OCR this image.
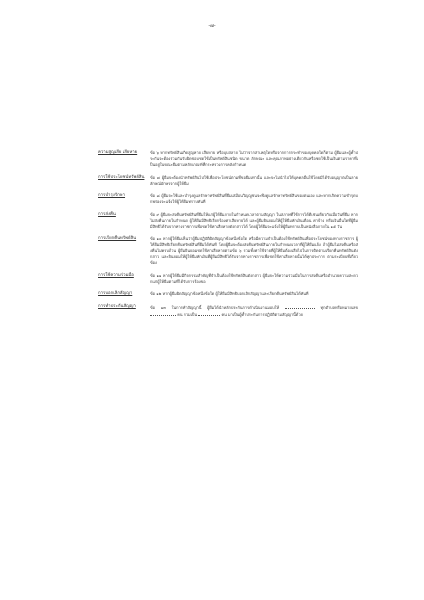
-๗-
ความสูญเสีย เสียหาย	ข้อ ๖ หากทรัพย์สินเกิดสูญหาย เสียหาย หรือบุบสลาย ไม่ว่าจากสาเหตุใดหรือจากการกระทำของบุคคลใดก็ตาม ผู้ยืมและผู้ค้ำประกันจะต้องร่วมกันรับผิดชอบชดใช้เป็นทรัพย์สินชนิด ขนาด ลักษณะ และคุณภาพอย่างเดียวกันหรือชดใช้เป็นเงินตามราคาที่เป็นอยู่ในขณะยืมตามหลักเกณฑ์ที่กระทรวงการคลังกำหนด
การใช้ประโยชน์ทรัพย์สิน	ข้อ ๗ ผู้ยืมจะต้องนำทรัพย์สินไปใช้เพื่อประโยชน์ตามที่ขอยืมเท่านั้น และจะไม่นำไปให้บุคคลอื่นใช้โดยมิได้รับอนุญาตเป็นลายลักษณ์อักษรจากผู้ให้ยืม
การบำรุงรักษา	ข้อ ๘ ผู้ยืมจะใช้และบำรุงดูแลรักษาทรัพย์สินที่ยืมเสมือนวิญญูชนจะพึงดูแลรักษาทรัพย์สินของตนเอง และหากเกิดความชำรุดบกพร่องจะแจ้งให้ผู้ให้ยืมทราบทันที
การส่งคืน	ข้อ ๙ ผู้ยืมจะส่งคืนทรัพย์สินที่ยืมให้แก่ผู้ให้ยืมภายในกำหนดเวลาตามสัญญา ในสภาพที่ใช้การได้ดีเช่นเดียวกับเมื่อวันที่ยืม หากไม่ส่งคืนภายในกำหนด ผู้ให้ยืมมีสิทธิเรียกร้องค่าเสียหายได้ และผู้ยืมยินยอมให้ผู้ให้ยืมหักเงินเดือน ค่าจ้าง หรือเงินอื่นใดที่ผู้ยืมมีสิทธิได้รับจากทางราชการเพื่อชดใช้ค่าเสียหายดังกล่าวได้ โดยผู้ให้ยืมจะแจ้งให้ผู้ยืมทราบเป็นหนังสือภายใน ๑๕ วัน
การเรียกคืนทรัพย์สิน	ข้อ ๑๐ หากผู้ให้ยืมเห็นว่าผู้ยืมปฏิบัติผิดสัญญาข้อหนึ่งข้อใด หรือมีความจำเป็นต้องใช้ทรัพย์สินเพื่อประโยชน์ของทางราชการ ผู้ให้ยืมมีสิทธิเรียกคืนทรัพย์สินที่ยืมได้ทันที โดยผู้ยืมจะต้องส่งคืนทรัพย์สินภายในกำหนดเวลาที่ผู้ให้ยืมแจ้ง ถ้าผู้ยืมไม่ส่งคืนหรือส่งคืนไม่ครบถ้วน ผู้ยืมยินยอมชดใช้ค่าเสียหายตามข้อ ๖ รวมทั้งค่าใช้จ่ายที่ผู้ให้ยืมต้องเสียไปในการติดตามเรียกคืนทรัพย์สินดังกล่าว และยินยอมให้ผู้ให้ยืมหักเงินที่ผู้ยืมมีสิทธิได้รับจากทางราชการเพื่อชดใช้ค่าเสียหายนั้นได้ทุกประการ ตามระเบียบที่เกี่ยวข้อง
การใช้ความร่วมมือ	ข้อ ๑๑ หากผู้ให้ยืมมีกิจกรรมสำคัญที่จำเป็นต้องใช้ทรัพย์สินดังกล่าว ผู้ยืมจะให้ความร่วมมือในการส่งคืนหรืออำนวยความสะดวกแก่ผู้ให้ยืมตามที่ได้รับการร้องขอ
การบอกเลิกสัญญา	ข้อ ๑๒ หากผู้ยืมผิดสัญญาข้อหนึ่งข้อใด ผู้ให้ยืมมีสิทธิบอกเลิกสัญญาและเรียกคืนทรัพย์สินได้ทันที
การทำประกันสัญญา	ข้อ ๑๓ ในการทำสัญญานี้ ผู้ยืมได้นำหลักประกันการดำเนินงานมอบให้	ทุกตำบลหรือหมายเลข  คน รวมเป็น	คน มาเป็นผู้ค้ำประกันการปฏิบัติตามสัญญานี้ด้วย
